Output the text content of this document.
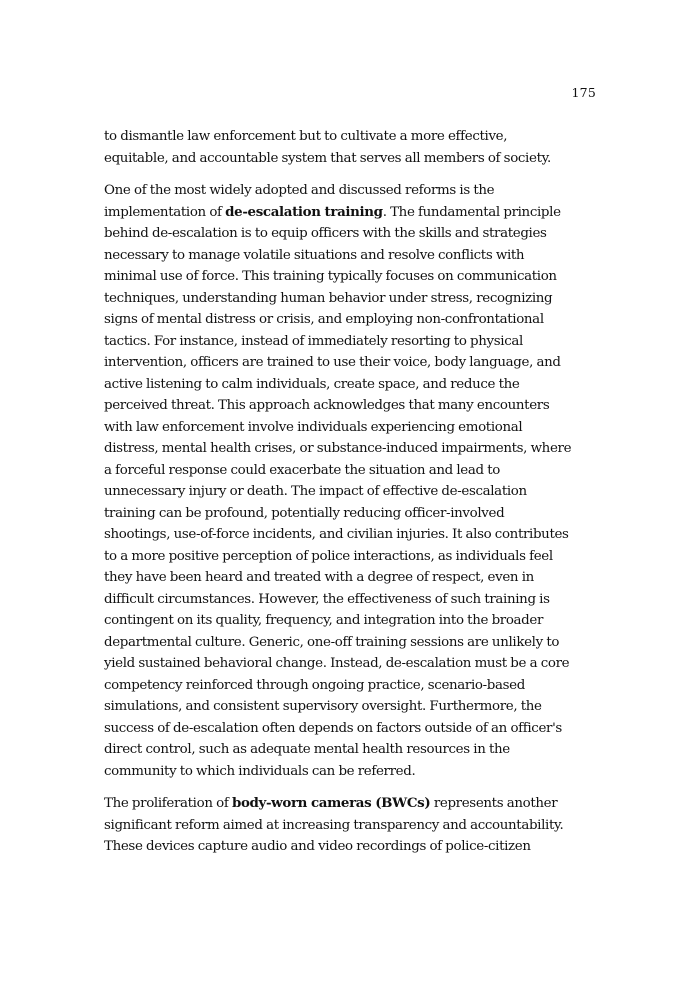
175

to dismantle law enforcement but to cultivate a more effective,
equitable, and accountable system that serves all members of society.

One of the most widely adopted and discussed reforms is the
implementation of de-escalation training. The fundamental principle
behind de-escalation is to equip officers with the skills and strategies
necessary to manage volatile situations and resolve conflicts with
minimal use of force. This training typically focuses on communication
techniques, understanding human behavior under stress, recognizing
signs of mental distress or crisis, and employing non-confrontational
tactics. For instance, instead of immediately resorting to physical
intervention, officers are trained to use their voice, body language, and
active listening to calm individuals, create space, and reduce the
perceived threat. This approach acknowledges that many encounters
with law enforcement involve individuals experiencing emotional
distress, mental health crises, or substance-induced impairments, where
a forceful response could exacerbate the situation and lead to
unnecessary injury or death. The impact of effective de-escalation
training can be profound, potentially reducing officer-involved
shootings, use-of-force incidents, and civilian injuries. It also contributes
to a more positive perception of police interactions, as individuals feel
they have been heard and treated with a degree of respect, even in
difficult circumstances. However, the effectiveness of such training is
contingent on its quality, frequency, and integration into the broader
departmental culture. Generic, one-off training sessions are unlikely to
yield sustained behavioral change. Instead, de-escalation must be a core
competency reinforced through ongoing practice, scenario-based
simulations, and consistent supervisory oversight. Furthermore, the
success of de-escalation often depends on factors outside of an officer's
direct control, such as adequate mental health resources in the
community to which individuals can be referred.

The proliferation of body-worn cameras (BWCs) represents another
significant reform aimed at increasing transparency and accountability.
These devices capture audio and video recordings of police-citizen
